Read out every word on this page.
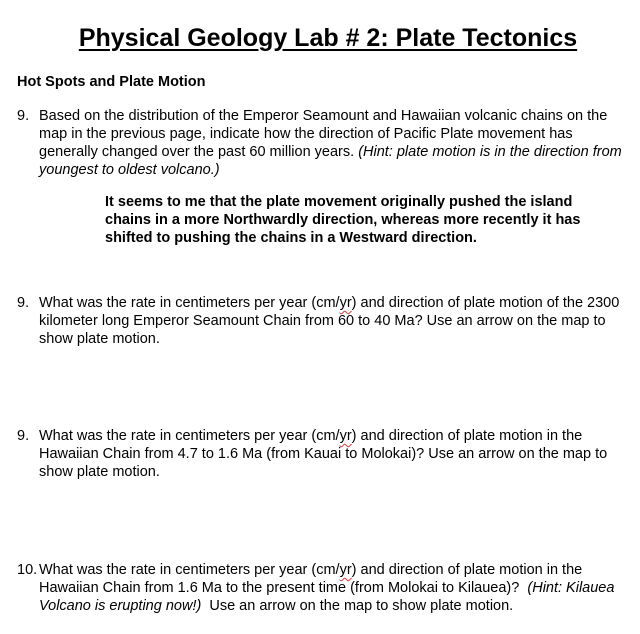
Physical Geology Lab # 2: Plate Tectonics
Hot Spots and Plate Motion
9. Based on the distribution of the Emperor Seamount and Hawaiian volcanic chains on the map in the previous page, indicate how the direction of Pacific Plate movement has generally changed over the past 60 million years. (Hint: plate motion is in the direction from youngest to oldest volcano.)
It seems to me that the plate movement originally pushed the island chains in a more Northwardly direction, whereas more recently it has shifted to pushing the chains in a Westward direction.
9. What was the rate in centimeters per year (cm/yr) and direction of plate motion of the 2300 kilometer long Emperor Seamount Chain from 60 to 40 Ma? Use an arrow on the map to show plate motion.
9. What was the rate in centimeters per year (cm/yr) and direction of plate motion in the Hawaiian Chain from 4.7 to 1.6 Ma (from Kauai to Molokai)? Use an arrow on the map to show plate motion.
10. What was the rate in centimeters per year (cm/yr) and direction of plate motion in the Hawaiian Chain from 1.6 Ma to the present time (from Molokai to Kilauea)? (Hint: Kilauea Volcano is erupting now!) Use an arrow on the map to show plate motion.
